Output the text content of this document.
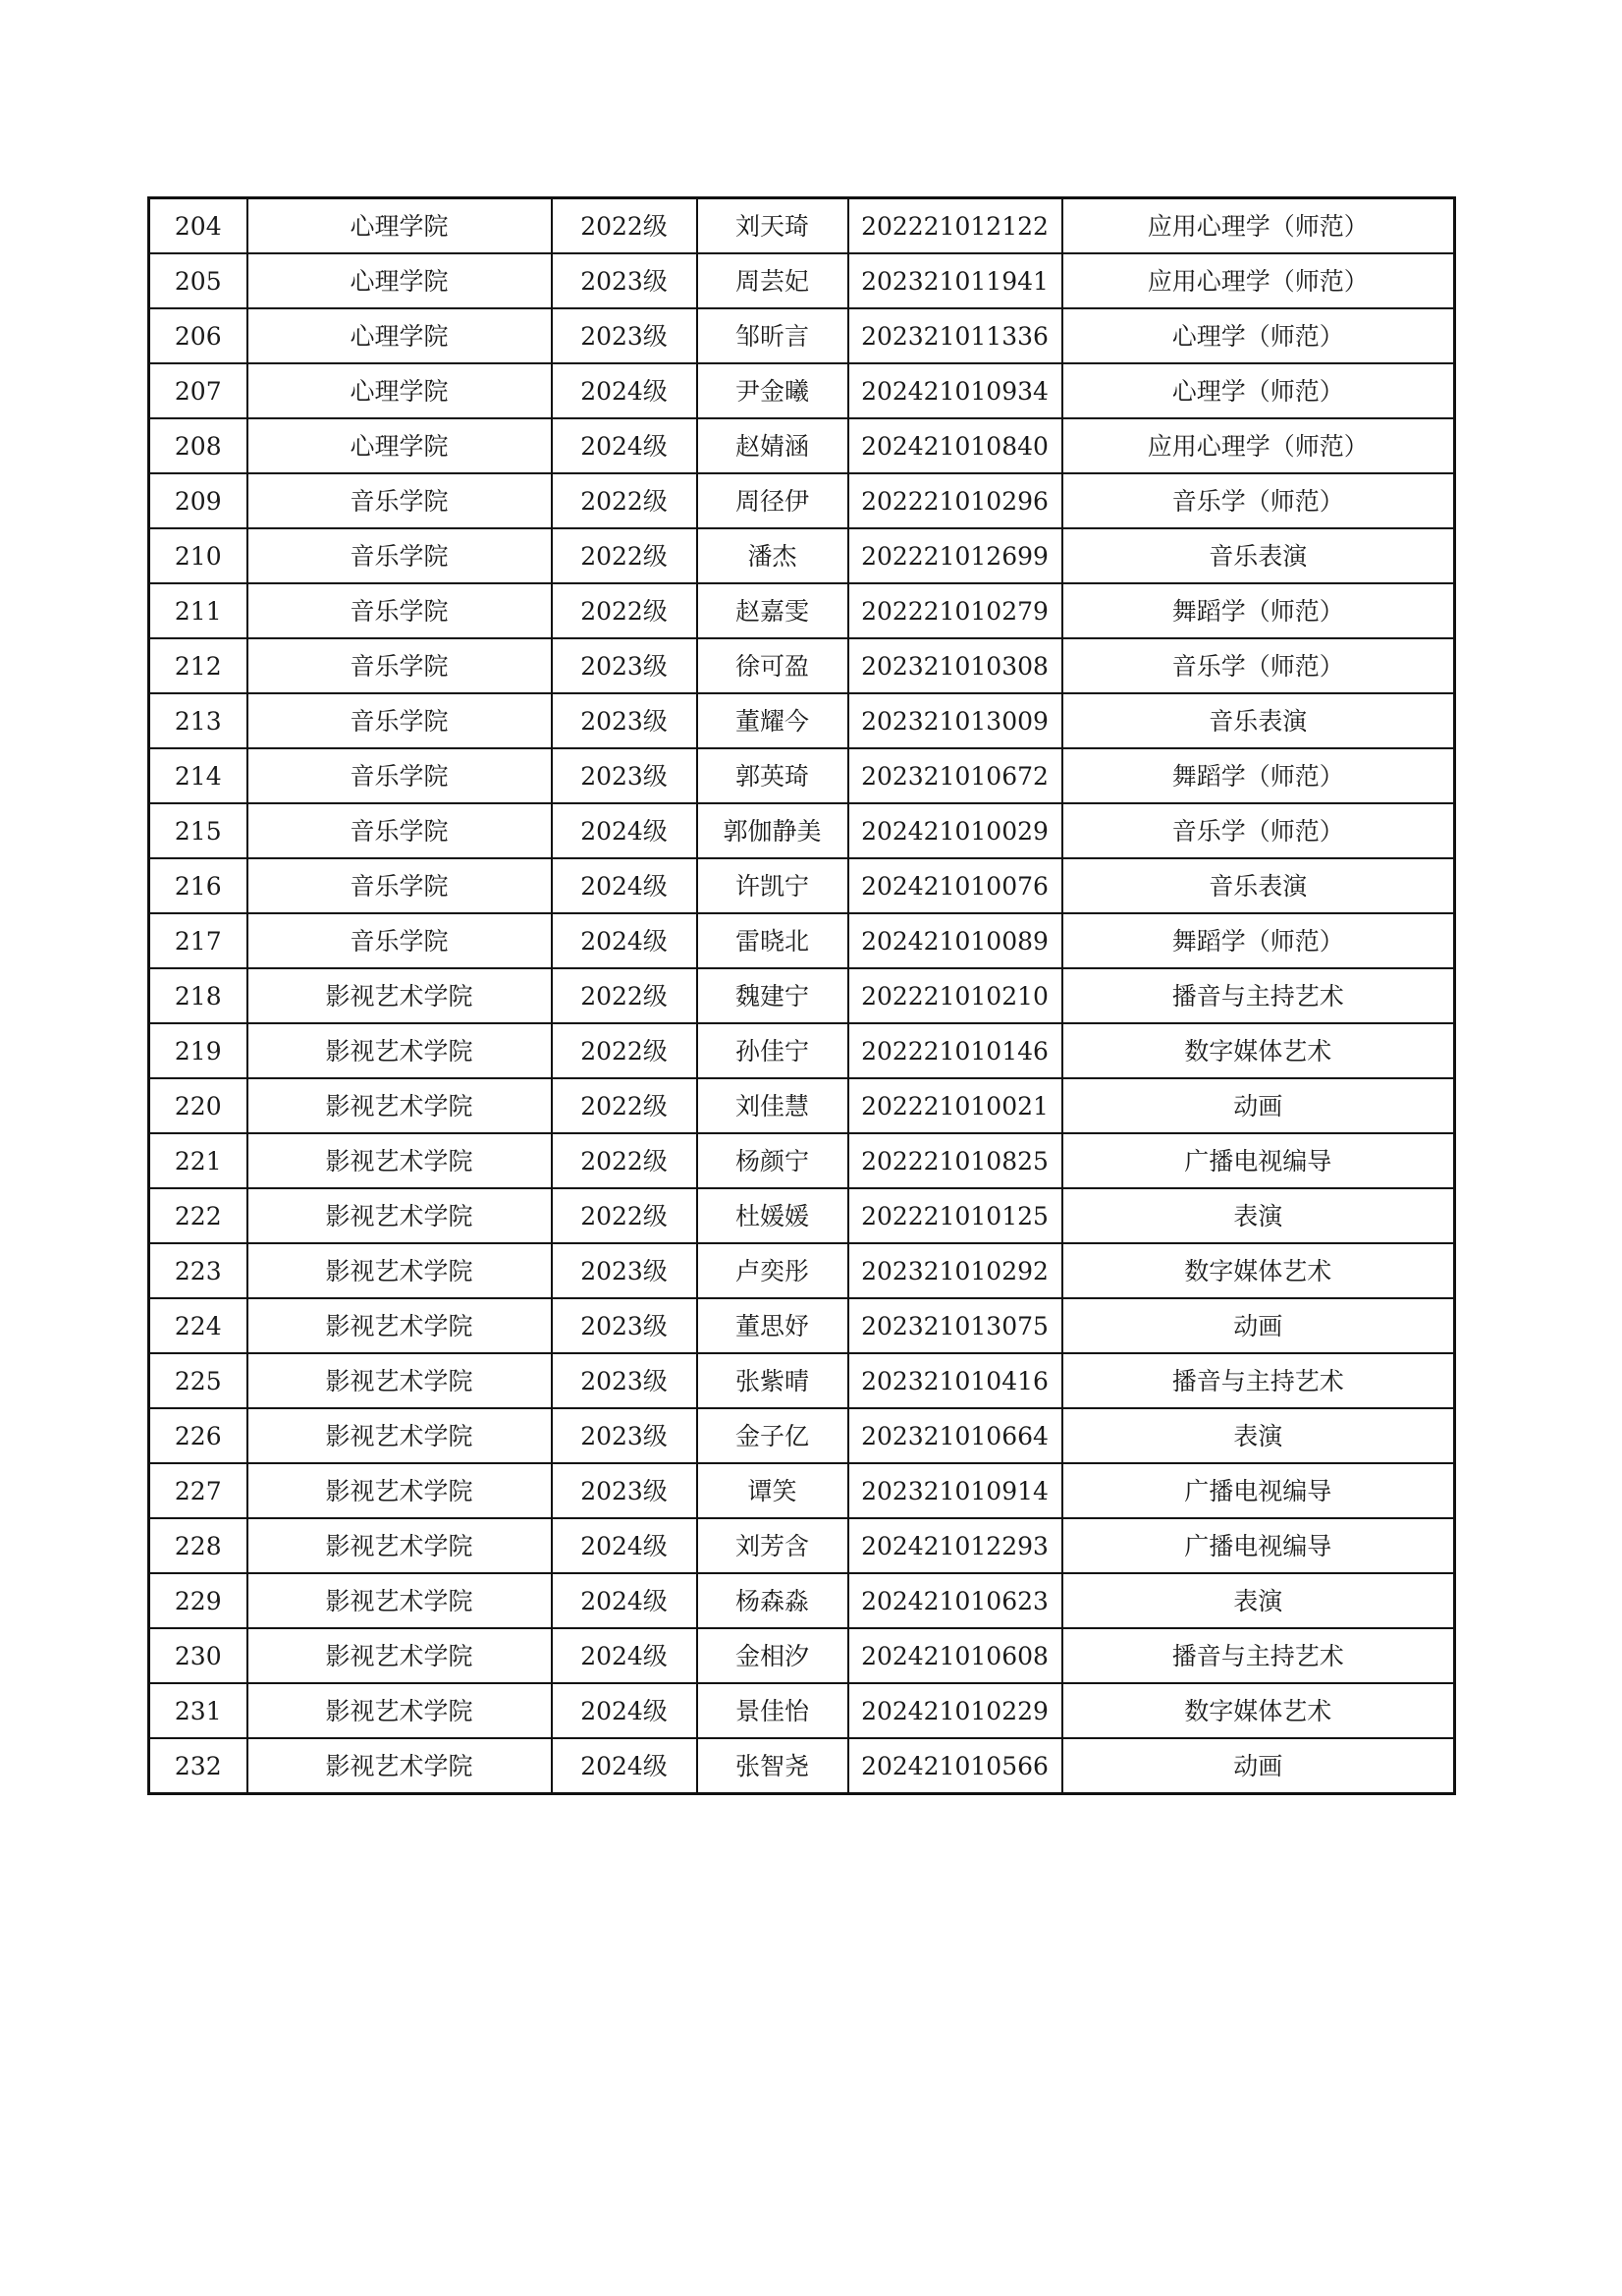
204	心理学院	2022级	刘天琦	202221012122	应用心理学（师范）
205	心理学院	2023级	周芸妃	202321011941	应用心理学（师范）
206	心理学院	2023级	邹昕言	202321011336	心理学（师范）
207	心理学院	2024级	尹金曦	202421010934	心理学（师范）
208	心理学院	2024级	赵婧涵	202421010840	应用心理学（师范）
209	音乐学院	2022级	周径伊	202221010296	音乐学（师范）
210	音乐学院	2022级	潘杰	202221012699	音乐表演
211	音乐学院	2022级	赵嘉雯	202221010279	舞蹈学（师范）
212	音乐学院	2023级	徐可盈	202321010308	音乐学（师范）
213	音乐学院	2023级	董耀今	202321013009	音乐表演
214	音乐学院	2023级	郭英琦	202321010672	舞蹈学（师范）
215	音乐学院	2024级	郭伽静美	202421010029	音乐学（师范）
216	音乐学院	2024级	许凯宁	202421010076	音乐表演
217	音乐学院	2024级	雷晓北	202421010089	舞蹈学（师范）
218	影视艺术学院	2022级	魏建宁	202221010210	播音与主持艺术
219	影视艺术学院	2022级	孙佳宁	202221010146	数字媒体艺术
220	影视艺术学院	2022级	刘佳慧	202221010021	动画
221	影视艺术学院	2022级	杨颜宁	202221010825	广播电视编导
222	影视艺术学院	2022级	杜媛媛	202221010125	表演
223	影视艺术学院	2023级	卢奕彤	202321010292	数字媒体艺术
224	影视艺术学院	2023级	董思妤	202321013075	动画
225	影视艺术学院	2023级	张紫晴	202321010416	播音与主持艺术
226	影视艺术学院	2023级	金子亿	202321010664	表演
227	影视艺术学院	2023级	谭笑	202321010914	广播电视编导
228	影视艺术学院	2024级	刘芳含	202421012293	广播电视编导
229	影视艺术学院	2024级	杨森淼	202421010623	表演
230	影视艺术学院	2024级	金相汐	202421010608	播音与主持艺术
231	影视艺术学院	2024级	景佳怡	202421010229	数字媒体艺术
232	影视艺术学院	2024级	张智尧	202421010566	动画
